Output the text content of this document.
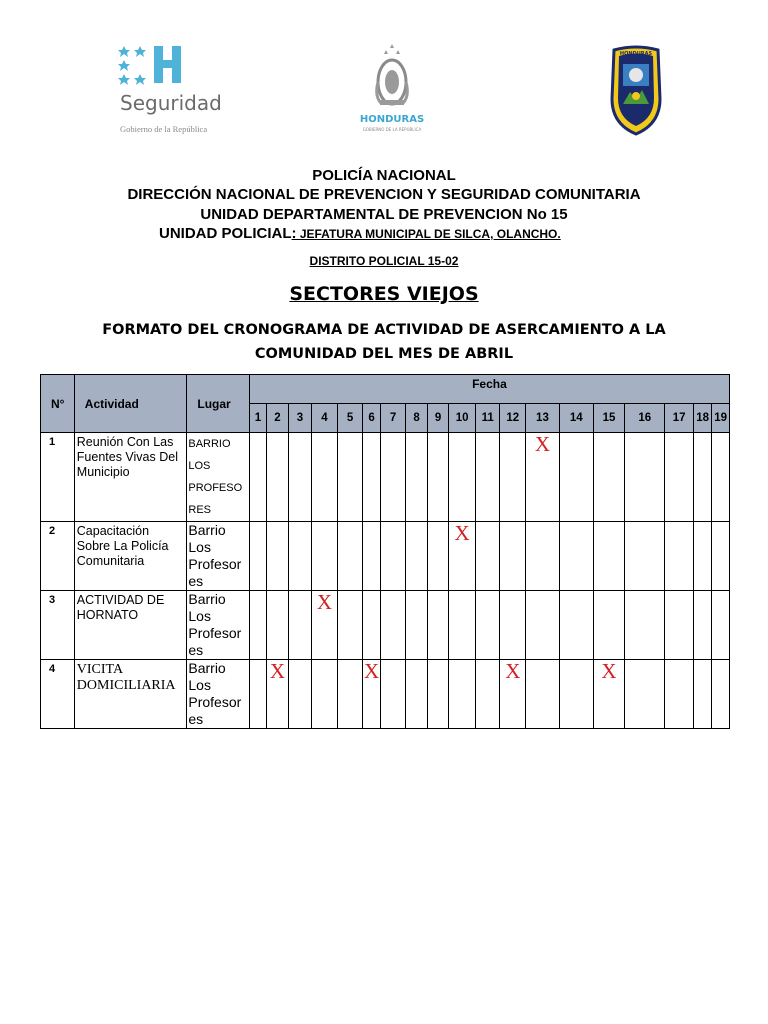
Seguridad
Gobierno de la República
HONDURAS
GOBIERNO DE LA REPÚBLICA
HONDURAS
POLICÍA NACIONAL
DIRECCIÓN NACIONAL DE PREVENCION Y SEGURIDAD COMUNITARIA
UNIDAD DEPARTAMENTAL DE PREVENCION No 15
UNIDAD POLICIAL: JEFATURA MUNICIPAL DE SILCA, OLANCHO.
DISTRITO POLICIAL 15-02
SECTORES VIEJOS
FORMATO DEL CRONOGRAMA DE ACTIVIDAD DE ASERCAMIENTO A LA COMUNIDAD DEL MES DE ABRIL
N°	Actividad	Lugar	Fecha																		
			1	2	3	4	5	6	7	8	9	10	11	12	13	14	15	16	17	18	19
1	Reunión Con Las Fuentes Vivas Del Municipio	BARRIO LOS PROFESO RES													X						

2	Capacitación Sobre La Policía Comunitaria	Barrio Los Profesor es										X									

3	ACTIVIDAD DE HORNATO	Barrio Los Profesor es				X															

4	VICITA DOMICILIARIA	Barrio Los Profesor es		X				X						X			X				
